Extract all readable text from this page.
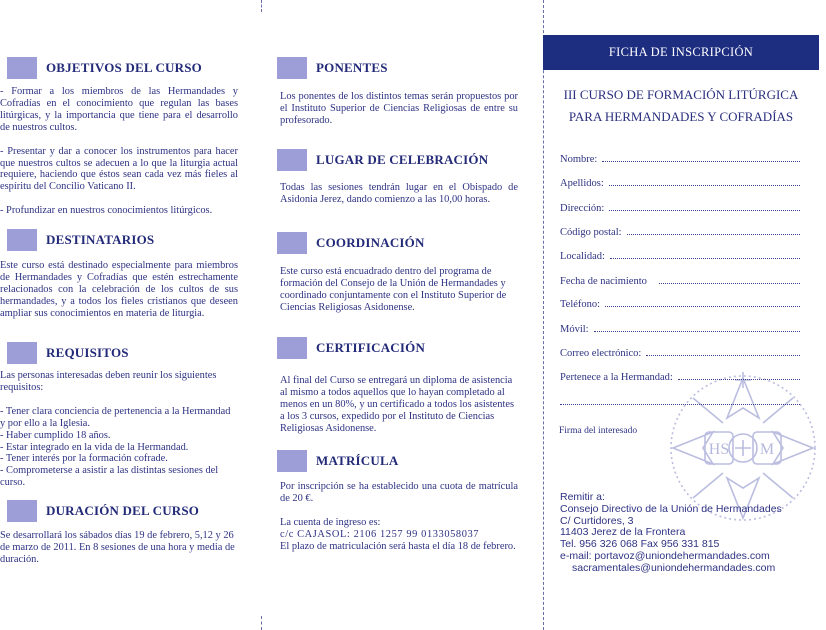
OBJETIVOS DEL CURSO

- Formar a los miembros de las Hermandades y Cofradías en el conocimiento que regulan las bases litúrgicas, y la importancia que tiene para el desarrollo de nuestros cultos.

- Presentar y dar a conocer los instrumentos para hacer que nuestros cultos se adecuen a lo que la liturgia actual requiere, haciendo que éstos sean cada vez más fieles al espíritu del Concilio Vaticano II.

- Profundizar en nuestros conocimientos litúrgicos.

DESTINATARIOS

Este curso está destinado especialmente para miembros de Hermandades y Cofradías que estén estrechamente relacionados con la celebración de los cultos de sus hermandades, y a todos los fieles cristianos que deseen ampliar sus conocimientos en materia de liturgia.

REQUISITOS

Las personas interesadas deben reunir los siguientes requisitos:

- Tener clara conciencia de pertenencia a la Hermandad y por ello a la Iglesia.
- Haber cumplido 18 años.
- Estar integrado en la vida de la Hermandad.
- Tener interés por la formación cofrade.
- Comprometerse a asistir a las distintas sesiones del curso.

DURACIÓN DEL CURSO

Se desarrollará los sábados días 19 de febrero, 5,12 y 26 de marzo de 2011. En 8 sesiones de una hora y media de duración.

PONENTES

Los ponentes de los distintos temas serán propuestos por el Instituto Superior de Ciencias Religiosas de entre su profesorado.

LUGAR DE CELEBRACIÓN

Todas las sesiones tendrán lugar en el Obispado de Asidonia Jerez, dando comienzo a las 10,00 horas.

COORDINACIÓN

Este curso está encuadrado dentro del programa de formación del Consejo de la Unión de Hermandades y coordinado conjuntamente con el Instituto Superior de Ciencias Religiosas Asidonense.

CERTIFICACIÓN

Al final del Curso se entregará un diploma de asistencia al mismo a todos aquellos que lo hayan completado al menos en un 80%, y un certificado a todos los asistentes a los 3 cursos, expedido por el Instituto de Ciencias Religiosas Asidonense.

MATRÍCULA

Por inscripción se ha establecido una cuota de matrícula de 20 €.

La cuenta de ingreso es:
c/c CAJASOL: 2106 1257 99 0133058037
El plazo de matriculación será hasta el día 18 de febrero.

FICHA DE INSCRIPCIÓN
III CURSO DE FORMACIÓN LITÚRGICA
PARA HERMANDADES Y COFRADÍAS
HS M
Nombre:
Apellidos:
Dirección:
Código postal:
Localidad:
Fecha de nacimiento
Teléfono:
Móvil:
Correo electrónico:
Pertenece a la Hermandad:
Firma del interesado
Remitir a:
Consejo Directivo de la Unión de Hermandades
C/ Curtidores, 3
11403 Jerez de la Frontera
Tel. 956 326 068 Fax 956 331 815
e-mail: portavoz@uniondehermandades.com
sacramentales@uniondehermandades.com
